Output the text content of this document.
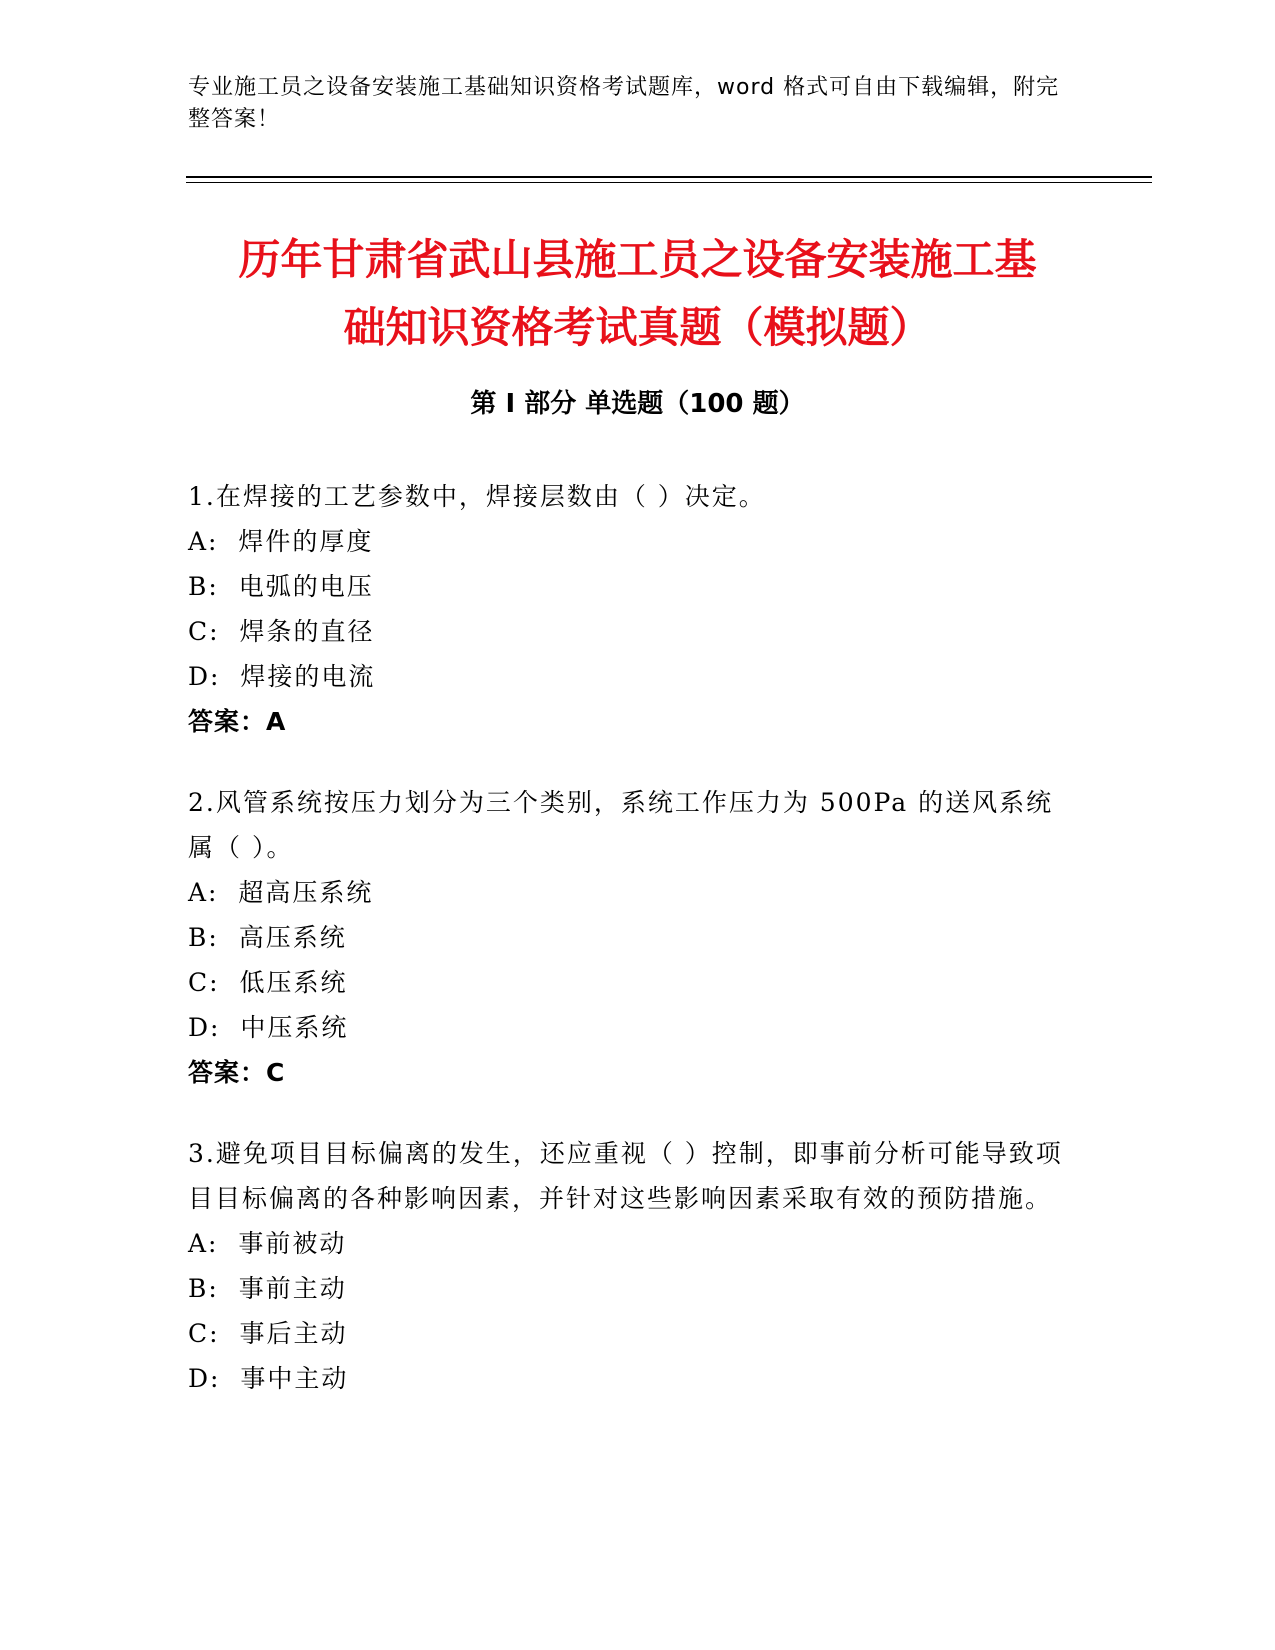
专业施工员之设备安装施工基础知识资格考试题库，word 格式可自由下载编辑，附完整答案！
历年甘肃省武山县施工员之设备安装施工基
础知识资格考试真题（模拟题）
第 I 部分 单选题（100 题）
1.在焊接的工艺参数中，焊接层数由（ ）决定。
A:  焊件的厚度
B:  电弧的电压
C:  焊条的直径
D:  焊接的电流
答案：A
2.风管系统按压力划分为三个类别，系统工作压力为 500Pa 的送风系统属（ ）。
A:  超高压系统
B:  高压系统
C:  低压系统
D:  中压系统
答案：C
3.避免项目目标偏离的发生，还应重视（ ）控制，即事前分析可能导致项目目标偏离的各种影响因素，并针对这些影响因素采取有效的预防措施。
A:  事前被动
B:  事前主动
C:  事后主动
D:  事中主动
